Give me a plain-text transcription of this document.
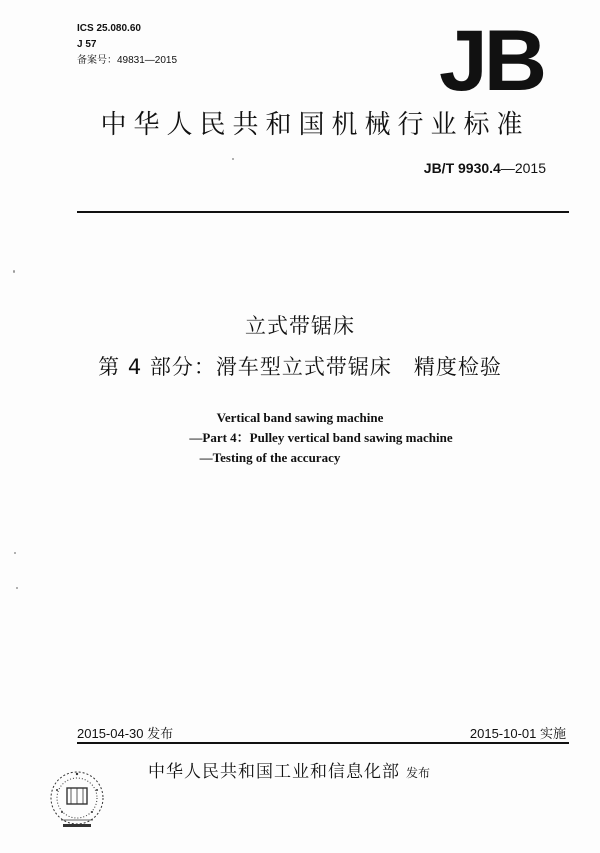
ICS 25.080.60
J 57
备案号：49831—2015	JB
中华人民共和国机械行业标准
JB/T 9930.4—2015
立式带锯床
第 4 部分：滑车型立式带锯床　精度检验
Vertical band sawing machine
—Part 4：Pulley vertical band sawing machine
—Testing of the accuracy
2015-04-30 发布	2015-10-01 实施
中华人民共和国工业和信息化部 发布
